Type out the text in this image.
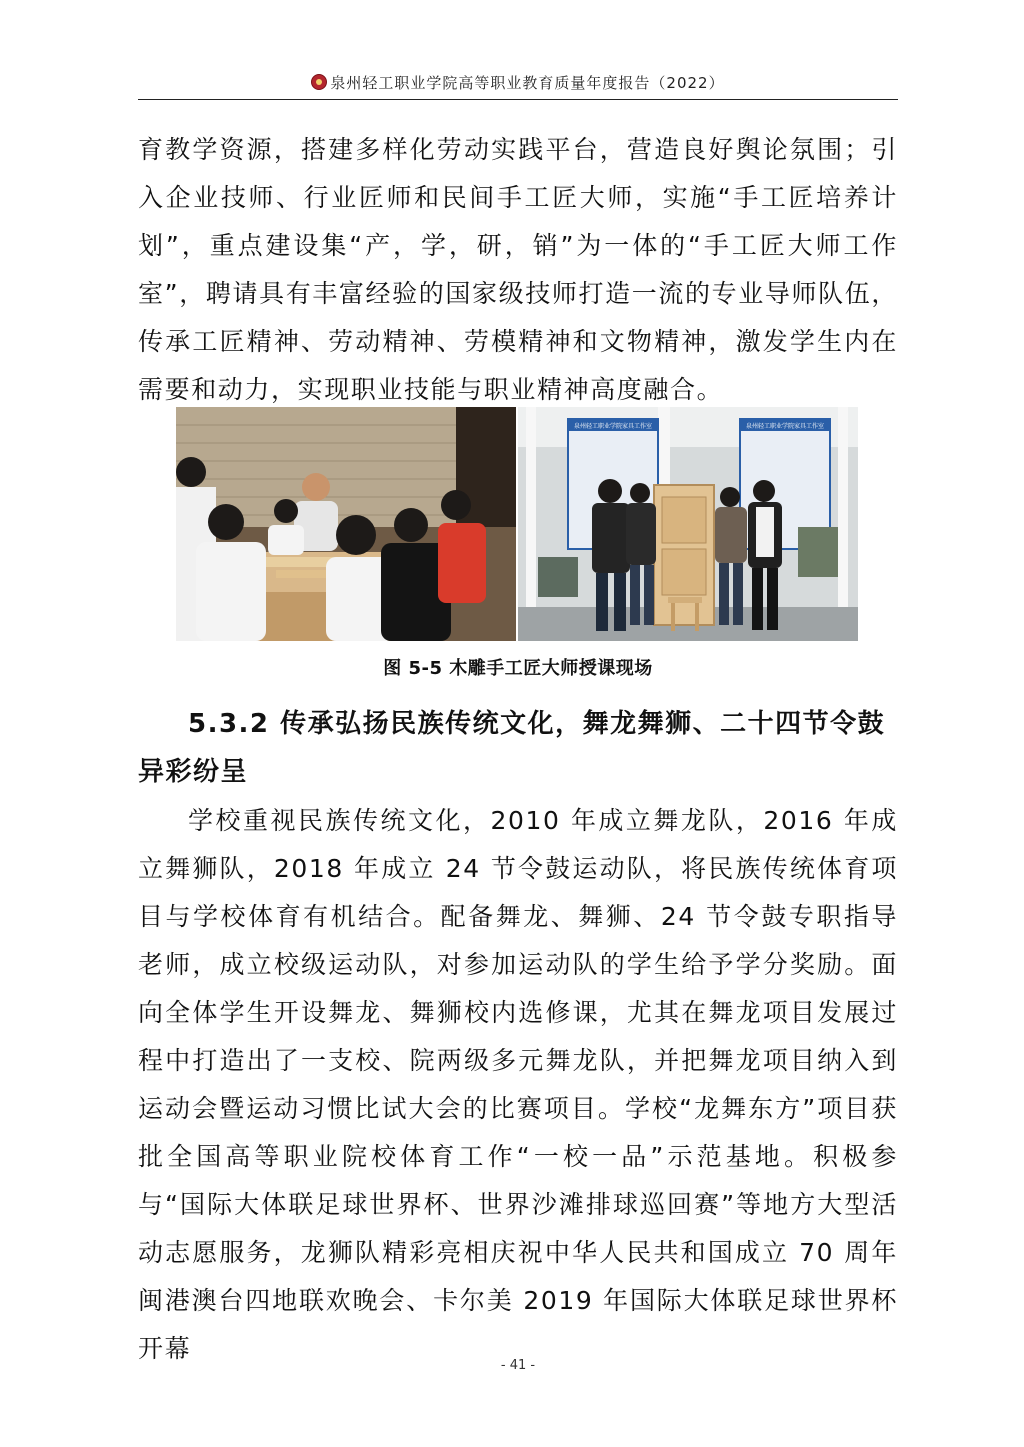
泉州轻工职业学院高等职业教育质量年度报告（2022）

育教学资源，搭建多样化劳动实践平台，营造良好舆论氛围；引入企业技师、行业匠师和民间手工匠大师，实施“手工匠培养计划”，重点建设集“产，学，研，销”为一体的“手工匠大师工作室”，聘请具有丰富经验的国家级技师打造一流的专业导师队伍，传承工匠精神、劳动精神、劳模精神和文物精神，激发学生内在需要和动力，实现职业技能与职业精神高度融合。

泉州轻工职业学院家具工作室	泉州轻工职业学院家具工作室
图 5-5 木雕手工匠大师授课现场

5.3.2 传承弘扬民族传统文化，舞龙舞狮、二十四节令鼓异彩纷呈

学校重视民族传统文化，2010 年成立舞龙队，2016 年成立舞狮队，2018 年成立 24 节令鼓运动队，将民族传统体育项目与学校体育有机结合。配备舞龙、舞狮、24 节令鼓专职指导老师，成立校级运动队，对参加运动队的学生给予学分奖励。面向全体学生开设舞龙、舞狮校内选修课，尤其在舞龙项目发展过程中打造出了一支校、院两级多元舞龙队，并把舞龙项目纳入到运动会暨运动习惯比试大会的比赛项目。学校“龙舞东方”项目获批全国高等职业院校体育工作“一校一品”示范基地。积极参与“国际大体联足球世界杯、世界沙滩排球巡回赛”等地方大型活动志愿服务，龙狮队精彩亮相庆祝中华人民共和国成立 70 周年闽港澳台四地联欢晚会、卡尔美 2019 年国际大体联足球世界杯开幕

- 41 -
